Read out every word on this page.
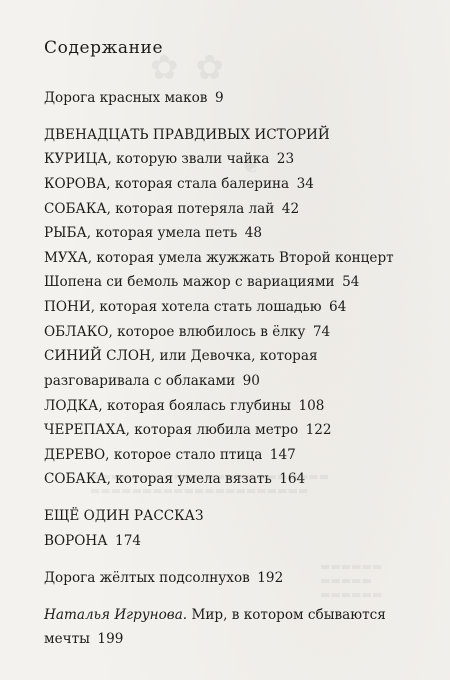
Содержание
Дорога красных маков 9
ДВЕНАДЦАТЬ ПРАВДИВЫХ ИСТОРИЙ
КУРИЦА, которую звали чайка 23
КОРОВА, которая стала балерина 34
СОБАКА, которая потеряла лай 42
РЫБА, которая умела петь 48
МУХА, которая умела жужжать Второй концерт
Шопена си бемоль мажор с вариациями 54
ПОНИ, которая хотела стать лошадью 64
ОБЛАКО, которое влюбилось в ёлку 74
СИНИЙ СЛОН, или Девочка, которая
разговаривала с облаками 90
ЛОДКА, которая боялась глубины 108
ЧЕРЕПАХА, которая любила метро 122
ДЕРЕВО, которое стало птица 147
СОБАКА, которая умела вязать 164
ЕЩЁ ОДИН РАССКАЗ
ВОРОНА 174
Дорога жёлтых подсолнухов 192
Наталья Игрунова. Мир, в котором сбываются
мечты 199
